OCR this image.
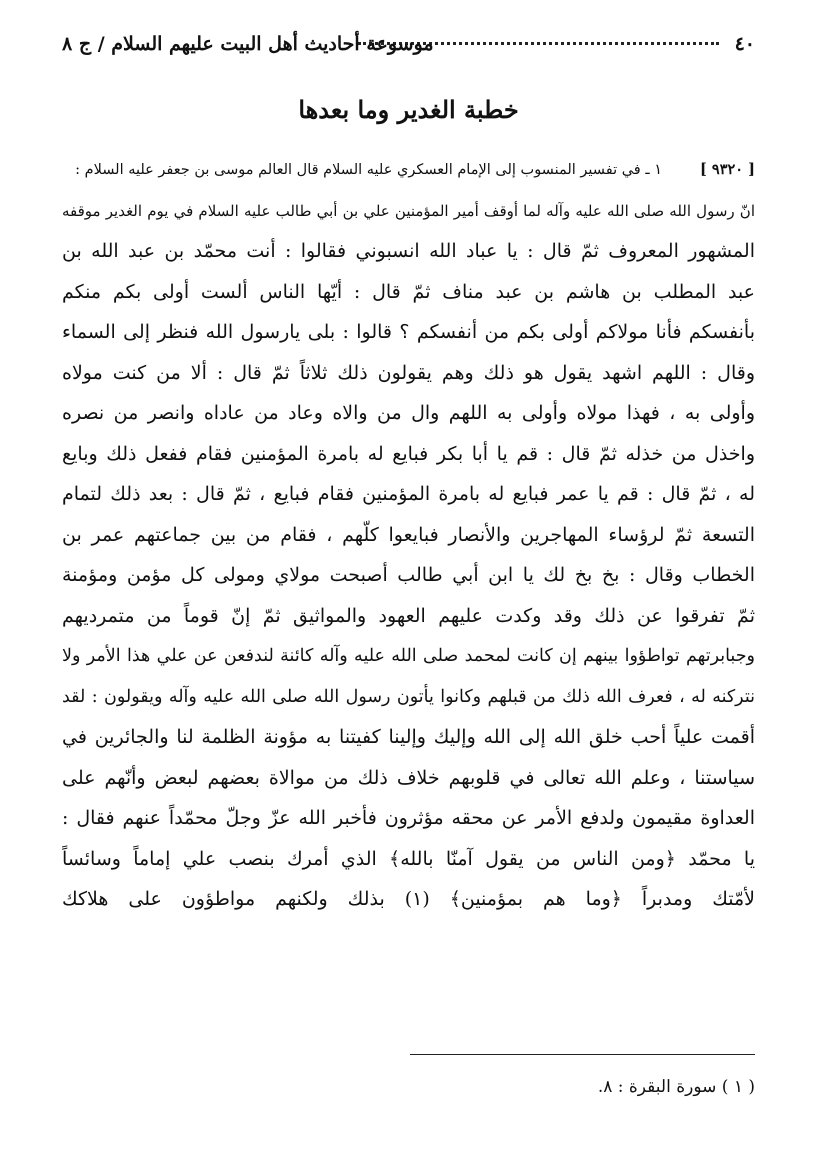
٤٠
موسوعة أحاديث أهل البيت عليهم السلام / ج ٨
خطبة الغدير وما بعدها
[ ٩٣٢٠ ]١ ـ في تفسير المنسوب إلى الإمام العسكري عليه السلام قال العالم موسى بن جعفر عليه السلام :
انّ رسول الله صلى الله عليه وآله لما أوقف أمير المؤمنين علي بن أبي طالب عليه السلام في يوم الغدير موقفه
المشهور المعروف ثمّ قال : يا عباد الله انسبوني فقالوا : أنت محمّد بن عبد الله بن
عبد المطلب بن هاشم بن عبد مناف ثمّ قال : أيّها الناس ألست أولى بكم منكم
بأنفسكم فأنا مولاكم أولى بكم من أنفسكم ؟ قالوا : بلى يارسول الله فنظر إلى السماء
وقال : اللهم اشهد يقول هو ذلك وهم يقولون ذلك ثلاثاً ثمّ قال : ألا من كنت مولاه
وأولى به ، فهذا مولاه وأولى به اللهم وال من والاه وعاد من عاداه وانصر من نصره
واخذل من خذله ثمّ قال : قم يا أبا بكر فبايع له بامرة المؤمنين فقام ففعل ذلك وبايع
له ، ثمّ قال : قم يا عمر فبايع له بامرة المؤمنين فقام فبايع ، ثمّ قال : بعد ذلك لتمام
التسعة ثمّ لرؤساء المهاجرين والأنصار فبايعوا كلّهم ، فقام من بين جماعتهم عمر بن
الخطاب وقال : بخ بخ لك يا ابن أبي طالب أصبحت مولاي ومولى كل مؤمن ومؤمنة
ثمّ تفرقوا عن ذلك وقد وكدت عليهم العهود والمواثيق ثمّ إنّ قوماً من متمرديهم
وجبابرتهم تواطؤوا بينهم إن كانت لمحمد صلى الله عليه وآله كائنة لندفعن عن علي هذا الأمر ولا
نتركنه له ، فعرف الله ذلك من قبلهم وكانوا يأتون رسول الله صلى الله عليه وآله ويقولون : لقد
أقمت علياً أحب خلق الله إلى الله وإليك وإلينا كفيتنا به مؤونة الظلمة لنا والجائرين في
سياستنا ، وعلم الله تعالى في قلوبهم خلاف ذلك من موالاة بعضهم لبعض وأنّهم على
العداوة مقيمون ولدفع الأمر عن محقه مؤثرون فأخبر الله عزّ وجلّ محمّداً عنهم فقال :
يا محمّد ﴿ومن الناس من يقول آمنّا بالله﴾ الذي أمرك بنصب علي إماماً وسائساً
لأمّتك ومدبراً ﴿وما هم بمؤمنين﴾ (١) بذلك ولكنهم مواطؤون على هلاكك
( ١ ) سورة البقرة : ٨.
